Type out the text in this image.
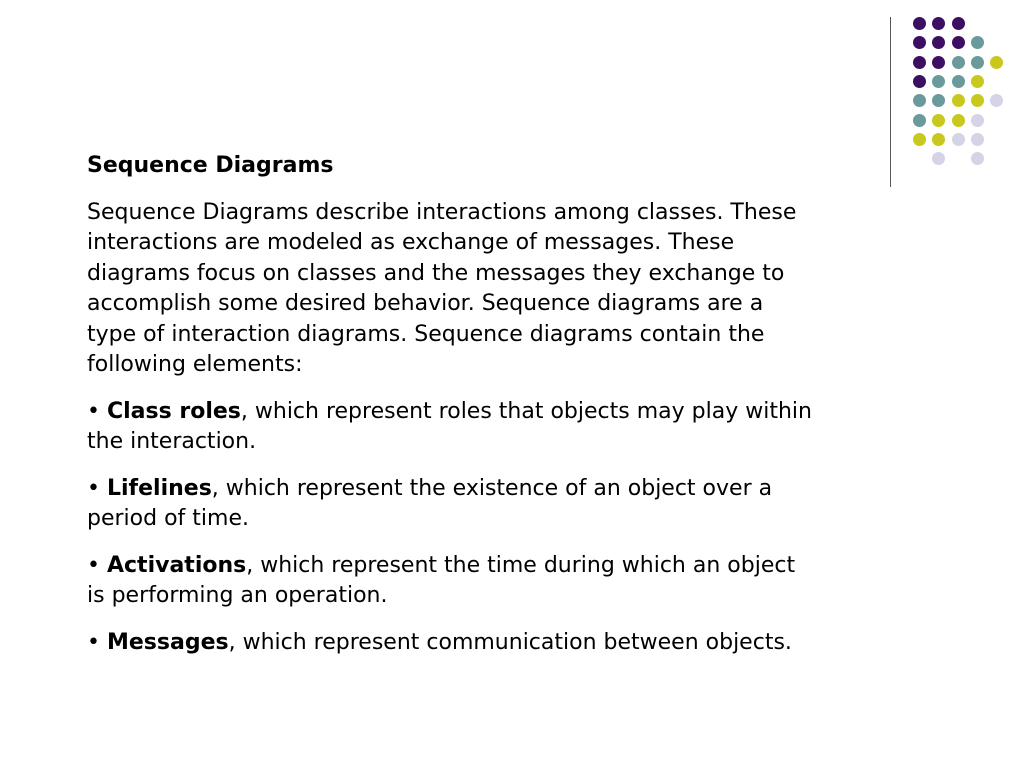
Sequence Diagrams
Sequence Diagrams describe interactions among classes. These interactions are modeled as exchange of messages. These diagrams focus on classes and the messages they exchange to accomplish some desired behavior. Sequence diagrams are a type of interaction diagrams. Sequence diagrams contain the following elements:
• Class roles, which represent roles that objects may play within the interaction.
• Lifelines, which represent the existence of an object over a period of time.
• Activations, which represent the time during which an object is performing an operation.
• Messages, which represent communication between objects.
